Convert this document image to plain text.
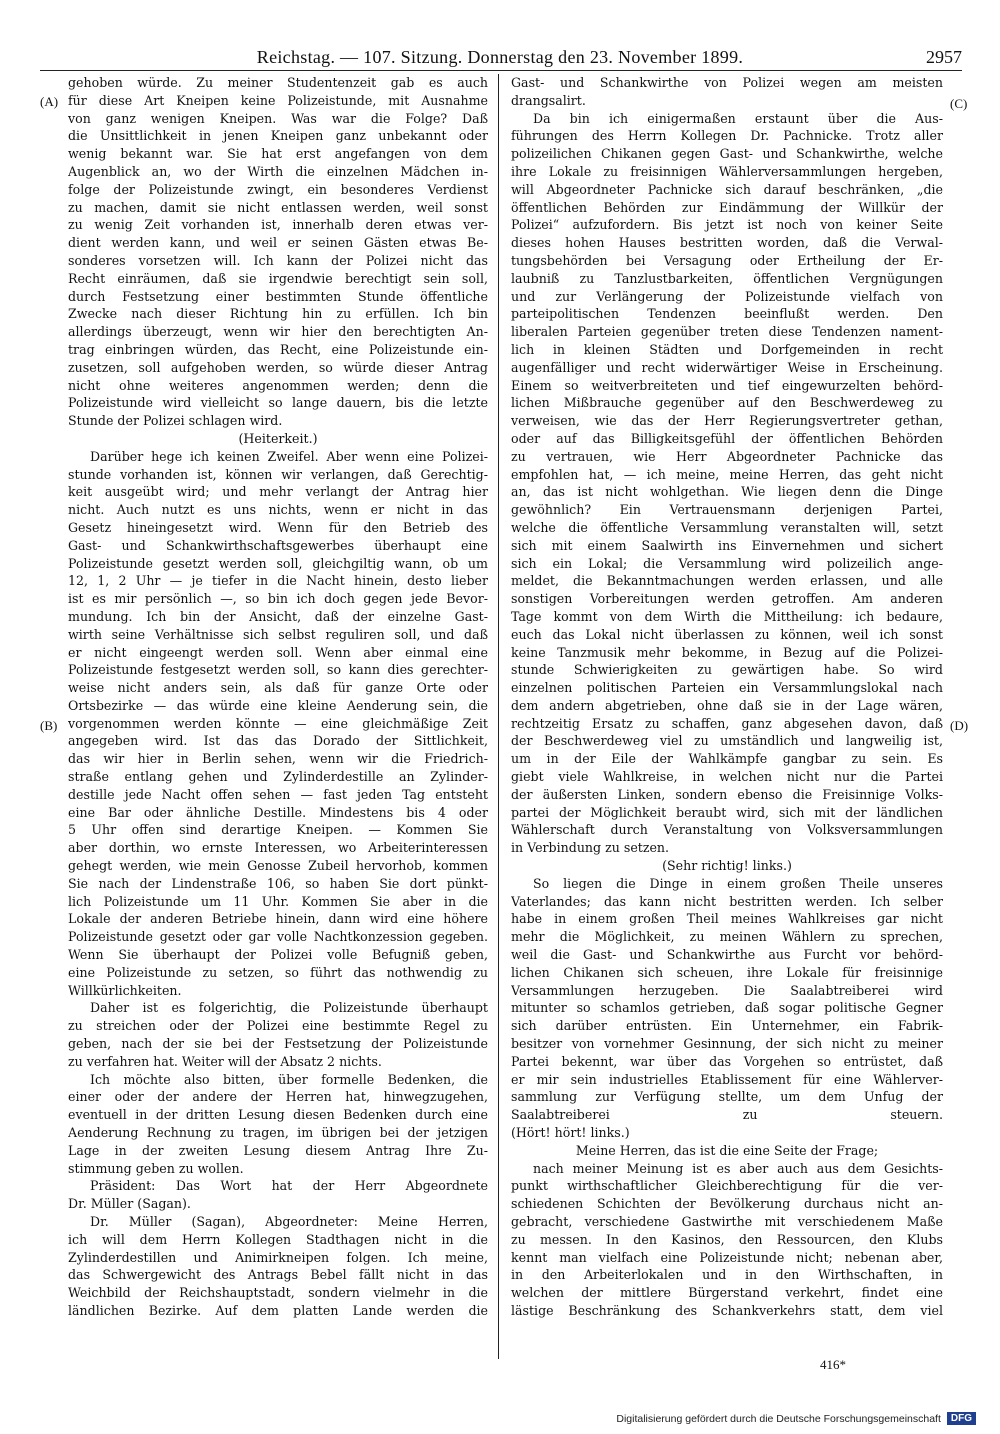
Reichstag. — 107. Sitzung. Donnerstag den 23. November 1899.	2957
(A)
(B)
(C)
(D)
gehoben würde. Zu meiner Studentenzeit gab es auch
für diese Art Kneipen keine Polizeistunde, mit Ausnahme
von ganz wenigen Kneipen. Was war die Folge? Daß
die Unsittlichkeit in jenen Kneipen ganz unbekannt oder
wenig bekannt war. Sie hat erst angefangen von dem
Augenblick an, wo der Wirth die einzelnen Mädchen in-
folge der Polizeistunde zwingt, ein besonderes Verdienst
zu machen, damit sie nicht entlassen werden, weil sonst
zu wenig Zeit vorhanden ist, innerhalb deren etwas ver-
dient werden kann, und weil er seinen Gästen etwas Be-
sonderes vorsetzen will. Ich kann der Polizei nicht das
Recht einräumen, daß sie irgendwie berechtigt sein soll,
durch Festsetzung einer bestimmten Stunde öffentliche
Zwecke nach dieser Richtung hin zu erfüllen. Ich bin
allerdings überzeugt, wenn wir hier den berechtigten An-
trag einbringen würden, das Recht, eine Polizeistunde ein-
zusetzen, soll aufgehoben werden, so würde dieser Antrag
nicht ohne weiteres angenommen werden; denn die
Polizeistunde wird vielleicht so lange dauern, bis die letzte
Stunde der Polizei schlagen wird.
(Heiterkeit.)
Darüber hege ich keinen Zweifel. Aber wenn eine Polizei-
stunde vorhanden ist, können wir verlangen, daß Gerechtig-
keit ausgeübt wird; und mehr verlangt der Antrag hier
nicht. Auch nutzt es uns nichts, wenn er nicht in das
Gesetz hineingesetzt wird. Wenn für den Betrieb des
Gast- und Schankwirthschaftsgewerbes überhaupt eine
Polizeistunde gesetzt werden soll, gleichgiltig wann, ob um
12, 1, 2 Uhr — je tiefer in die Nacht hinein, desto lieber
ist es mir persönlich —, so bin ich doch gegen jede Bevor-
mundung. Ich bin der Ansicht, daß der einzelne Gast-
wirth seine Verhältnisse sich selbst reguliren soll, und daß
er nicht eingeengt werden soll. Wenn aber einmal eine
Polizeistunde festgesetzt werden soll, so kann dies gerechter-
weise nicht anders sein, als daß für ganze Orte oder
Ortsbezirke — das würde eine kleine Aenderung sein, die
vorgenommen werden könnte — eine gleichmäßige Zeit
angegeben wird. Ist das das Dorado der Sittlichkeit,
das wir hier in Berlin sehen, wenn wir die Friedrich-
straße entlang gehen und Zylinderdestille an Zylinder-
destille jede Nacht offen sehen — fast jeden Tag entsteht
eine Bar oder ähnliche Destille. Mindestens bis 4 oder
5 Uhr offen sind derartige Kneipen. — Kommen Sie
aber dorthin, wo ernste Interessen, wo Arbeiterinteressen
gehegt werden, wie mein Genosse Zubeil hervorhob, kommen
Sie nach der Lindenstraße 106, so haben Sie dort pünkt-
lich Polizeistunde um 11 Uhr. Kommen Sie aber in die
Lokale der anderen Betriebe hinein, dann wird eine höhere
Polizeistunde gesetzt oder gar volle Nachtkonzession gegeben.
Wenn Sie überhaupt der Polizei volle Befugniß geben,
eine Polizeistunde zu setzen, so führt das nothwendig zu
Willkürlichkeiten.
Daher ist es folgerichtig, die Polizeistunde überhaupt
zu streichen oder der Polizei eine bestimmte Regel zu
geben, nach der sie bei der Festsetzung der Polizeistunde
zu verfahren hat. Weiter will der Absatz 2 nichts.
Ich möchte also bitten, über formelle Bedenken, die
einer oder der andere der Herren hat, hinwegzugehen,
eventuell in der dritten Lesung diesen Bedenken durch eine
Aenderung Rechnung zu tragen, im übrigen bei der jetzigen
Lage in der zweiten Lesung diesem Antrag Ihre Zu-
stimmung geben zu wollen.
Präsident: Das Wort hat der Herr Abgeordnete
Dr. Müller (Sagan).
Dr. Müller (Sagan), Abgeordneter: Meine Herren,
ich will dem Herrn Kollegen Stadthagen nicht in die
Zylinderdestillen und Animirkneipen folgen. Ich meine,
das Schwergewicht des Antrags Bebel fällt nicht in das
Weichbild der Reichshauptstadt, sondern vielmehr in die
ländlichen Bezirke. Auf dem platten Lande werden die
Gast- und Schankwirthe von Polizei wegen am meisten
drangsalirt.
Da bin ich einigermaßen erstaunt über die Aus-
führungen des Herrn Kollegen Dr. Pachnicke. Trotz aller
polizeilichen Chikanen gegen Gast- und Schankwirthe, welche
ihre Lokale zu freisinnigen Wählerversammlungen hergeben,
will Abgeordneter Pachnicke sich darauf beschränken, „die
öffentlichen Behörden zur Eindämmung der Willkür der
Polizei“ aufzufordern. Bis jetzt ist noch von keiner Seite
dieses hohen Hauses bestritten worden, daß die Verwal-
tungsbehörden bei Versagung oder Ertheilung der Er-
laubniß zu Tanzlustbarkeiten, öffentlichen Vergnügungen
und zur Verlängerung der Polizeistunde vielfach von
parteipolitischen Tendenzen beeinflußt werden. Den
liberalen Parteien gegenüber treten diese Tendenzen nament-
lich in kleinen Städten und Dorfgemeinden in recht
augenfälliger und recht widerwärtiger Weise in Erscheinung.
Einem so weitverbreiteten und tief eingewurzelten behörd-
lichen Mißbrauche gegenüber auf den Beschwerdeweg zu
verweisen, wie das der Herr Regierungsvertreter gethan,
oder auf das Billigkeitsgefühl der öffentlichen Behörden
zu vertrauen, wie Herr Abgeordneter Pachnicke das
empfohlen hat, — ich meine, meine Herren, das geht nicht
an, das ist nicht wohlgethan. Wie liegen denn die Dinge
gewöhnlich? Ein Vertrauensmann derjenigen Partei,
welche die öffentliche Versammlung veranstalten will, setzt
sich mit einem Saalwirth ins Einvernehmen und sichert
sich ein Lokal; die Versammlung wird polizeilich ange-
meldet, die Bekanntmachungen werden erlassen, und alle
sonstigen Vorbereitungen werden getroffen. Am anderen
Tage kommt von dem Wirth die Mittheilung: ich bedaure,
euch das Lokal nicht überlassen zu können, weil ich sonst
keine Tanzmusik mehr bekomme, in Bezug auf die Polizei-
stunde Schwierigkeiten zu gewärtigen habe. So wird
einzelnen politischen Parteien ein Versammlungslokal nach
dem andern abgetrieben, ohne daß sie in der Lage wären,
rechtzeitig Ersatz zu schaffen, ganz abgesehen davon, daß
der Beschwerdeweg viel zu umständlich und langweilig ist,
um in der Eile der Wahlkämpfe gangbar zu sein. Es
giebt viele Wahlkreise, in welchen nicht nur die Partei
der äußersten Linken, sondern ebenso die Freisinnige Volks-
partei der Möglichkeit beraubt wird, sich mit der ländlichen
Wählerschaft durch Veranstaltung von Volksversammlungen
in Verbindung zu setzen.
(Sehr richtig! links.)
So liegen die Dinge in einem großen Theile unseres
Vaterlandes; das kann nicht bestritten werden. Ich selber
habe in einem großen Theil meines Wahlkreises gar nicht
mehr die Möglichkeit, zu meinen Wählern zu sprechen,
weil die Gast- und Schankwirthe aus Furcht vor behörd-
lichen Chikanen sich scheuen, ihre Lokale für freisinnige
Versammlungen herzugeben. Die Saalabtreiberei wird
mitunter so schamlos getrieben, daß sogar politische Gegner
sich darüber entrüsten. Ein Unternehmer, ein Fabrik-
besitzer von vornehmer Gesinnung, der sich nicht zu meiner
Partei bekennt, war über das Vorgehen so entrüstet, daß
er mir sein industrielles Etablissement für eine Wählerver-
sammlung zur Verfügung stellte, um dem Unfug der
Saalabtreiberei zu steuern.
(Hört! hört! links.)
Meine Herren, das ist die eine Seite der Frage;
nach meiner Meinung ist es aber auch aus dem Gesichts-
punkt wirthschaftlicher Gleichberechtigung für die ver-
schiedenen Schichten der Bevölkerung durchaus nicht an-
gebracht, verschiedene Gastwirthe mit verschiedenem Maße
zu messen. In den Kasinos, den Ressourcen, den Klubs
kennt man vielfach eine Polizeistunde nicht; nebenan aber,
in den Arbeiterlokalen und in den Wirthschaften, in
welchen der mittlere Bürgerstand verkehrt, findet eine
lästige Beschränkung des Schankverkehrs statt, dem viel
416*
Digitalisierung gefördert durch die Deutsche Forschungsgemeinschaft	DFG
